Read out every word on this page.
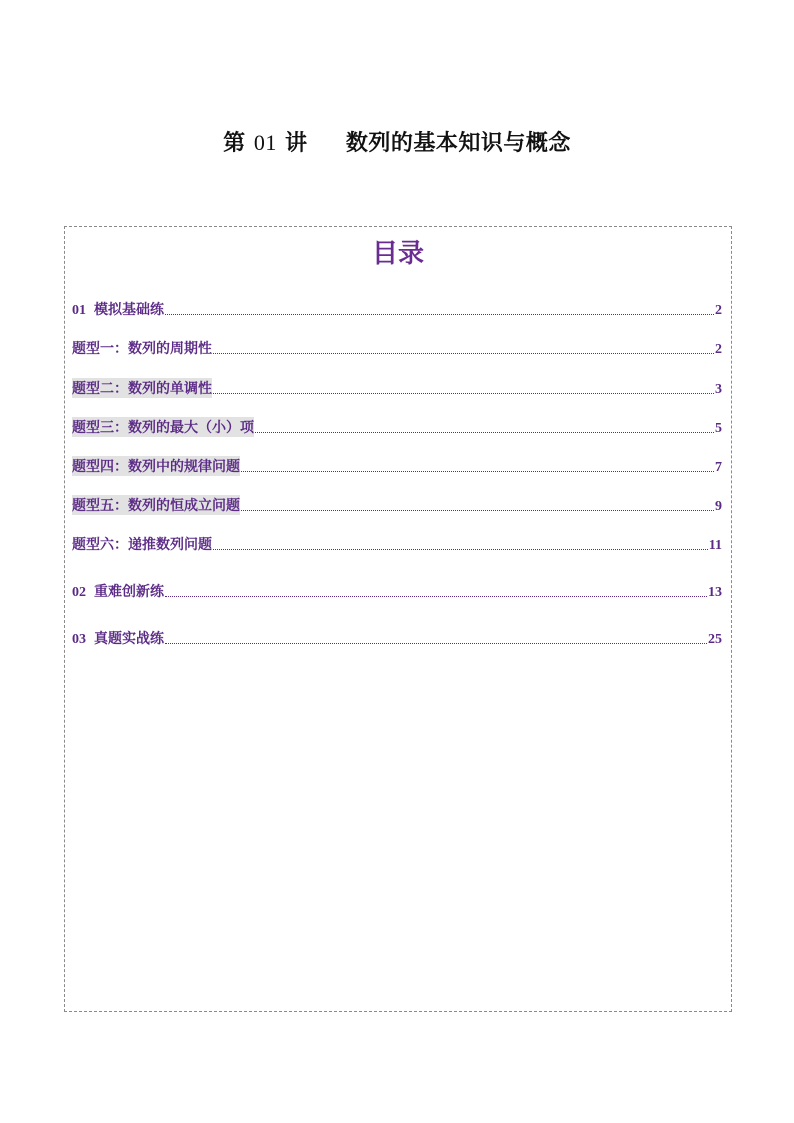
第 01 讲 数列的基本知识与概念
目录
01 模拟基础练	2
题型一：数列的周期性	2
题型二：数列的单调性	3
题型三：数列的最大（小）项	5
题型四：数列中的规律问题	7
题型五：数列的恒成立问题	9
题型六：递推数列问题	11
02 重难创新练	13
03 真题实战练	25
